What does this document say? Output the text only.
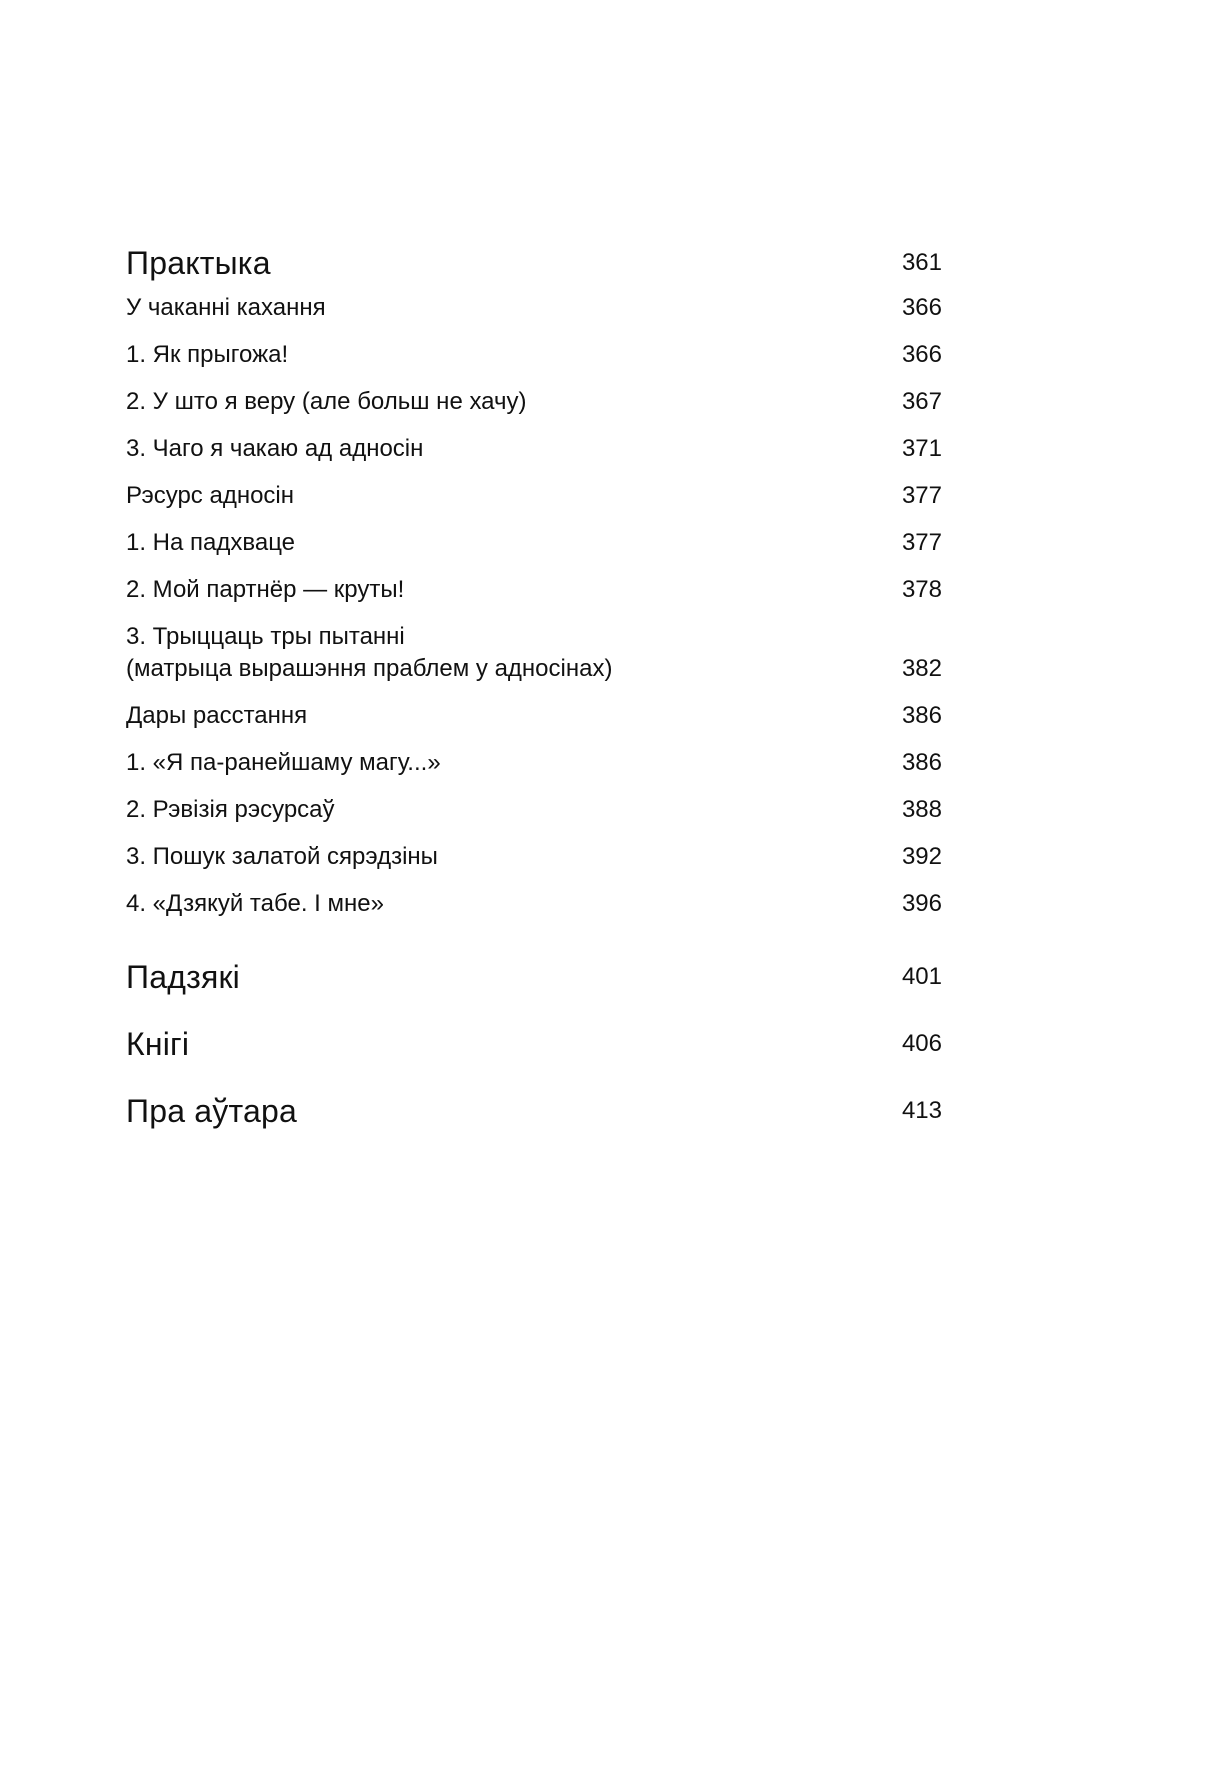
Практыка	361
У чаканні кахання	366
1. Як прыгожа!	366
2. У што я веру (але больш не хачу)	367
3. Чаго я чакаю ад адносін	371
Рэсурс адносін	377
1. На падхваце	377
2. Мой партнёр — круты!	378
3. Трыццаць тры пытанні
(матрыца вырашэння праблем у адносінах)	382
Дары расстання	386
1. «Я па-ранейшаму магу...»	386
2. Рэвізія рэсурсаў	388
3. Пошук залатой сярэдзіны	392
4. «Дзякуй табе. І мне»	396
Падзякі	401
Кнігі	406
Пра аўтара	413
